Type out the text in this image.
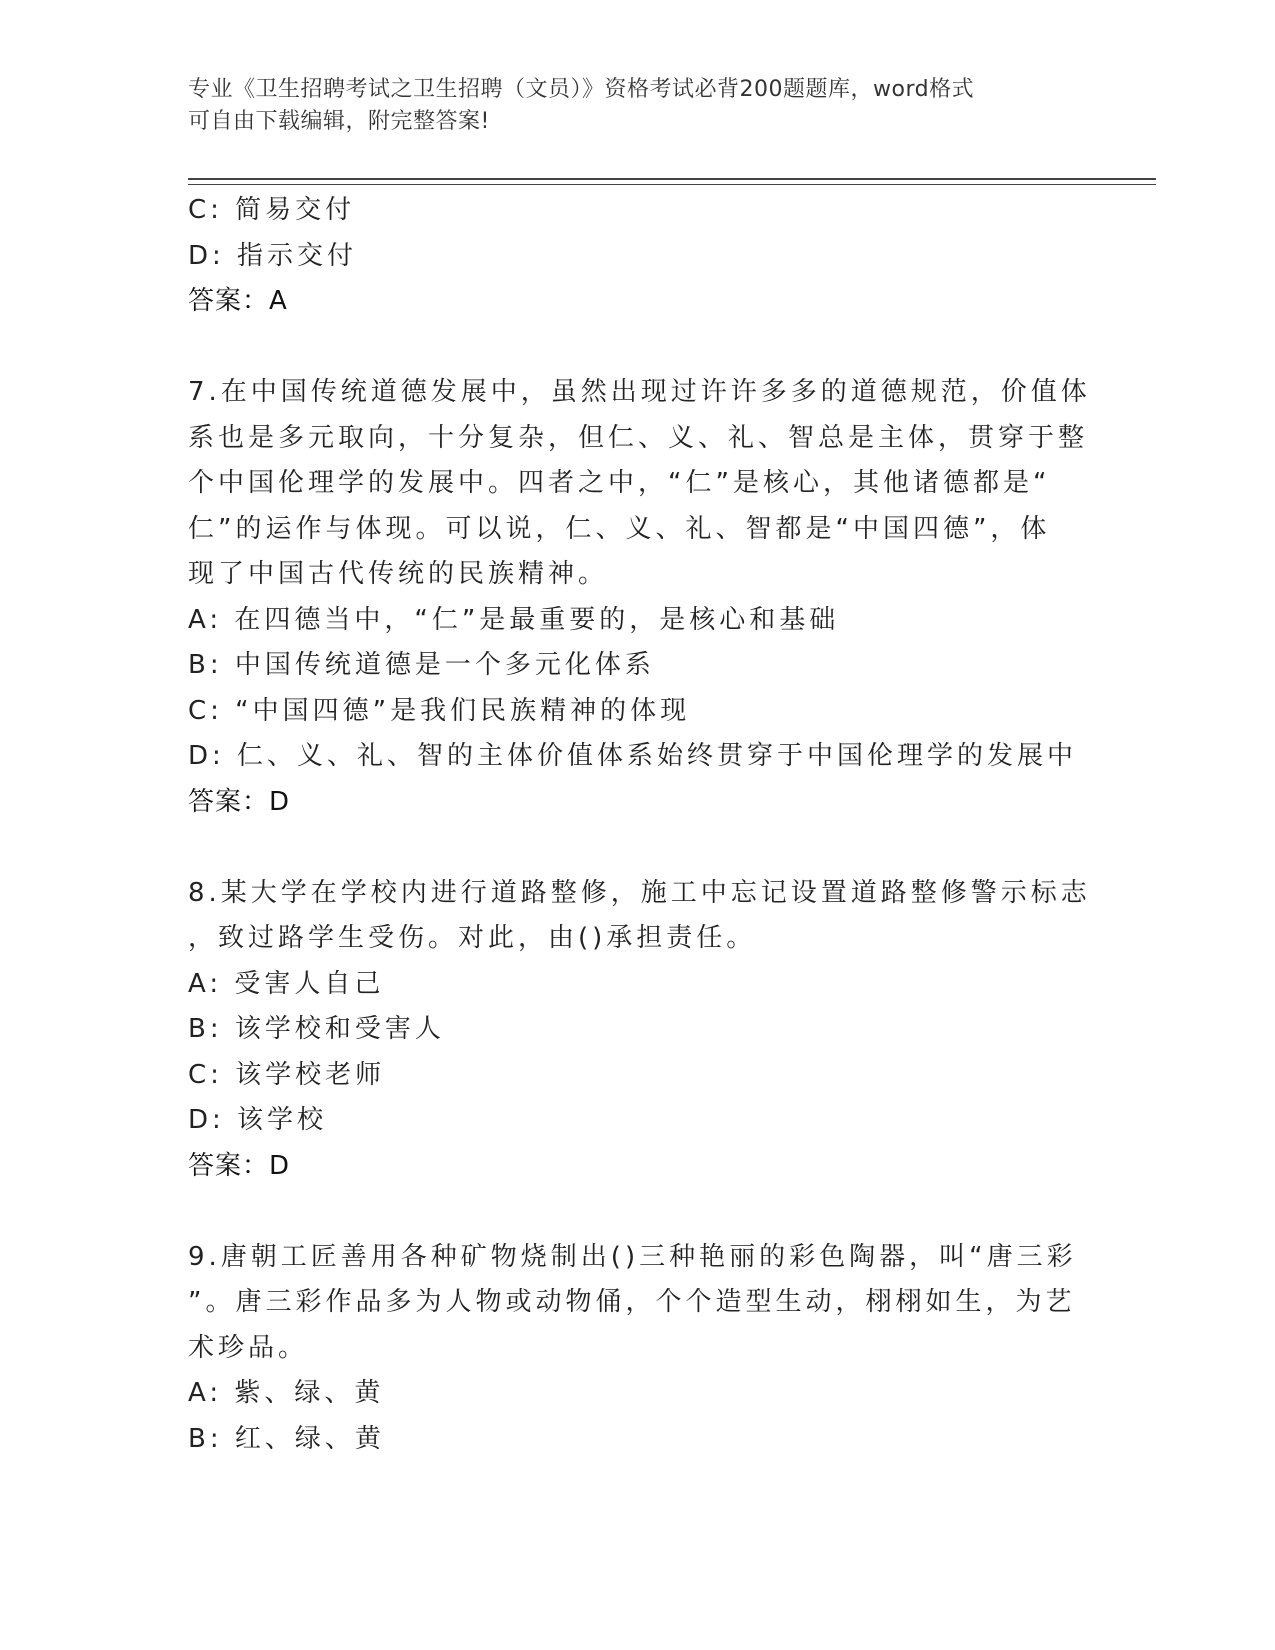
专业《卫生招聘考试之卫生招聘（文员）》资格考试必背200题题库，word格式
可自由下载编辑，附完整答案!

C: 简易交付

D: 指示交付

答案：A

7.在中国传统道德发展中，虽然出现过许许多多的道德规范，价值体

系也是多元取向，十分复杂，但仁、义、礼、智总是主体，贯穿于整

个中国伦理学的发展中。四者之中，“仁”是核心，其他诸德都是“

仁”的运作与体现。可以说，仁、义、礼、智都是“中国四德”，体

现了中国古代传统的民族精神。

A: 在四德当中，“仁”是最重要的，是核心和基础

B: 中国传统道德是一个多元化体系

C: “中国四德”是我们民族精神的体现

D: 仁、义、礼、智的主体价值体系始终贯穿于中国伦理学的发展中

答案：D

8.某大学在学校内进行道路整修，施工中忘记设置道路整修警示标志

，致过路学生受伤。对此，由()承担责任。

A: 受害人自己

B: 该学校和受害人

C: 该学校老师

D: 该学校

答案：D

9.唐朝工匠善用各种矿物烧制出()三种艳丽的彩色陶器，叫“唐三彩

”。唐三彩作品多为人物或动物俑，个个造型生动，栩栩如生，为艺

术珍品。

A: 紫、绿、黄

B: 红、绿、黄
